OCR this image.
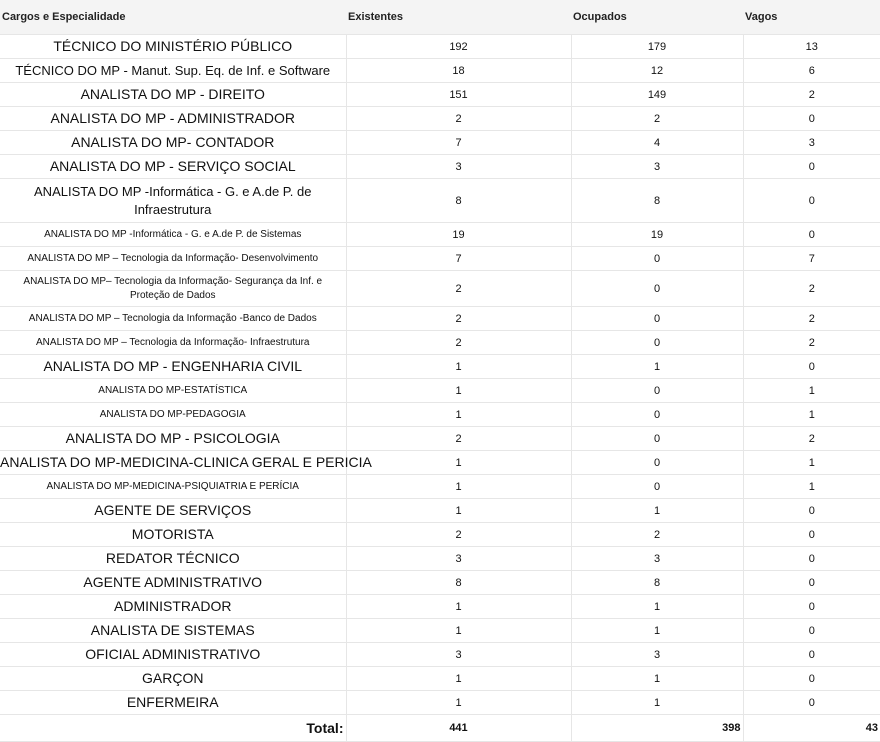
Cargos e Especialidade	Existentes	Ocupados	Vagos
TÉCNICO DO MINISTÉRIO PÚBLICO	192	179	13
TÉCNICO DO MP - Manut. Sup. Eq. de Inf. e Software	18	12	6
ANALISTA DO MP - DIREITO	151	149	2
ANALISTA DO MP - ADMINISTRADOR	2	2	0
ANALISTA DO MP- CONTADOR	7	4	3
ANALISTA DO MP - SERVIÇO SOCIAL	3	3	0
ANALISTA DO MP -Informática - G. e A.de P. de Infraestrutura	8	8	0
ANALISTA DO MP -Informática - G. e A.de P. de Sistemas	19	19	0
ANALISTA DO MP – Tecnologia da Informação- Desenvolvimento	7	0	7
ANALISTA DO MP– Tecnologia da Informação- Segurança da Inf. e Proteção de Dados	2	0	2
ANALISTA DO MP – Tecnologia da Informação -Banco de Dados	2	0	2
ANALISTA DO MP – Tecnologia da Informação- Infraestrutura	2	0	2
ANALISTA DO MP - ENGENHARIA CIVIL	1	1	0
ANALISTA DO MP-ESTATÍSTICA	1	0	1
ANALISTA DO MP-PEDAGOGIA	1	0	1
ANALISTA DO MP - PSICOLOGIA	2	0	2
ANALISTA DO MP-MEDICINA-CLINICA GERAL E PERICIA	1	0	1
ANALISTA DO MP-MEDICINA-PSIQUIATRIA E PERÍCIA	1	0	1
AGENTE DE SERVIÇOS	1	1	0
MOTORISTA	2	2	0
REDATOR TÉCNICO	3	3	0
AGENTE ADMINISTRATIVO	8	8	0
ADMINISTRADOR	1	1	0
ANALISTA DE SISTEMAS	1	1	0
OFICIAL ADMINISTRATIVO	3	3	0
GARÇON	1	1	0
ENFERMEIRA	1	1	0
Total:	441	398	43
